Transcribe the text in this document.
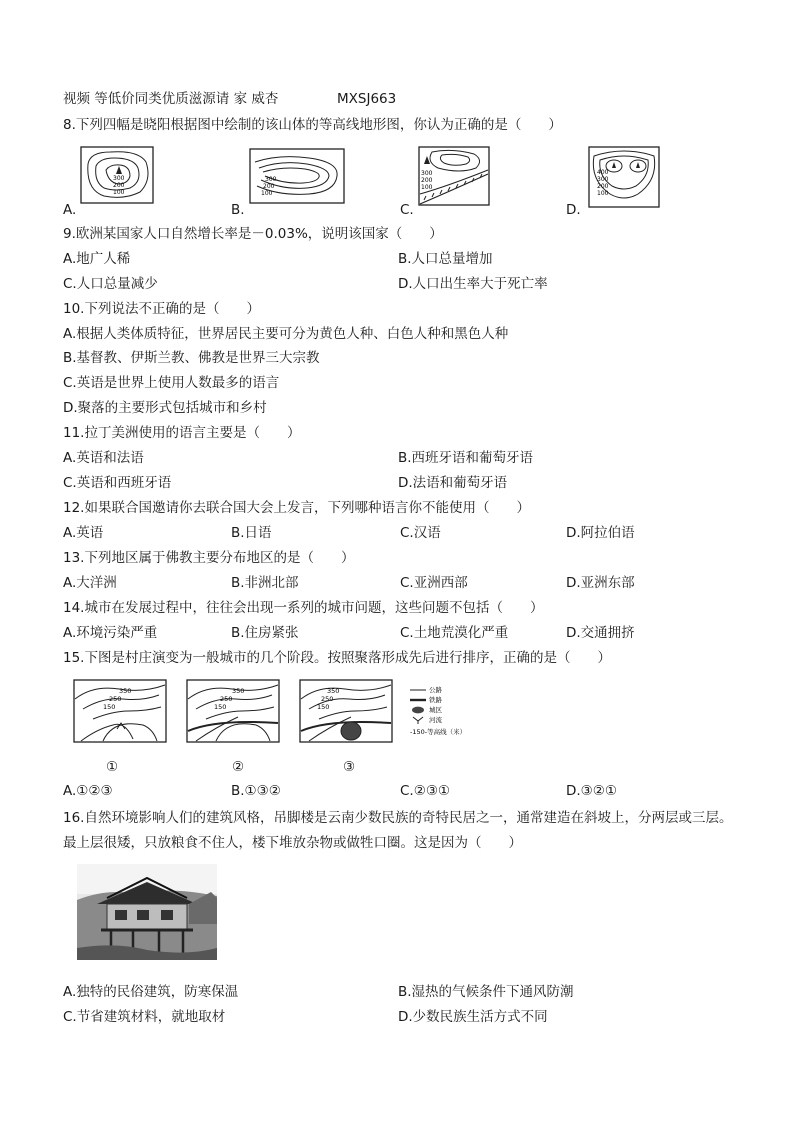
视频 等低价同类优质滋源请 家 威杏	MXSJ663
8.下列四幅是晓阳根据图中绘制的该山体的等高线地形图，你认为正确的是（　　）
300
200
100
A.
300
200
100
B.
300
200
100
C.
400
300
200
100
D.
9.欧洲某国家人口自然增长率是－0.03%，说明该国家（　　）
A.地广人稀	B.人口总量增加
C.人口总量减少	D.人口出生率大于死亡率
10.下列说法不正确的是（　　）
A.根据人类体质特征，世界居民主要可分为黄色人种、白色人种和黑色人种
B.基督教、伊斯兰教、佛教是世界三大宗教
C.英语是世界上使用人数最多的语言
D.聚落的主要形式包括城市和乡村
11.拉丁美洲使用的语言主要是（　　）
A.英语和法语	B.西班牙语和葡萄牙语
C.英语和西班牙语	D.法语和葡萄牙语
12.如果联合国邀请你去联合国大会上发言，下列哪种语言你不能使用（　　）
A.英语	B.日语	C.汉语	D.阿拉伯语
13.下列地区属于佛教主要分布地区的是（　　）
A.大洋洲	B.非洲北部	C.亚洲西部	D.亚洲东部
14.城市在发展过程中，往往会出现一系列的城市问题，这些问题不包括（　　）
A.环境污染严重	B.住房紧张	C.土地荒漠化严重	D.交通拥挤
15.下图是村庄演变为一般城市的几个阶段。按照聚落形成先后进行排序，正确的是（　　）
350
250
150
350
250
150
350
250
150
公路
铁路
城区
河流
-150-等高线（米）
①	②	③
A.①②③	B.①③②	C.②③①	D.③②①
16.自然环境影响人们的建筑风格，吊脚楼是云南少数民族的奇特民居之一，通常建造在斜坡上，分两层或三层。最上层很矮，只放粮食不住人，楼下堆放杂物或做牲口圈。这是因为（　　）
A.独特的民俗建筑，防寒保温	B.湿热的气候条件下通风防潮
C.节省建筑材料，就地取材	D.少数民族生活方式不同
